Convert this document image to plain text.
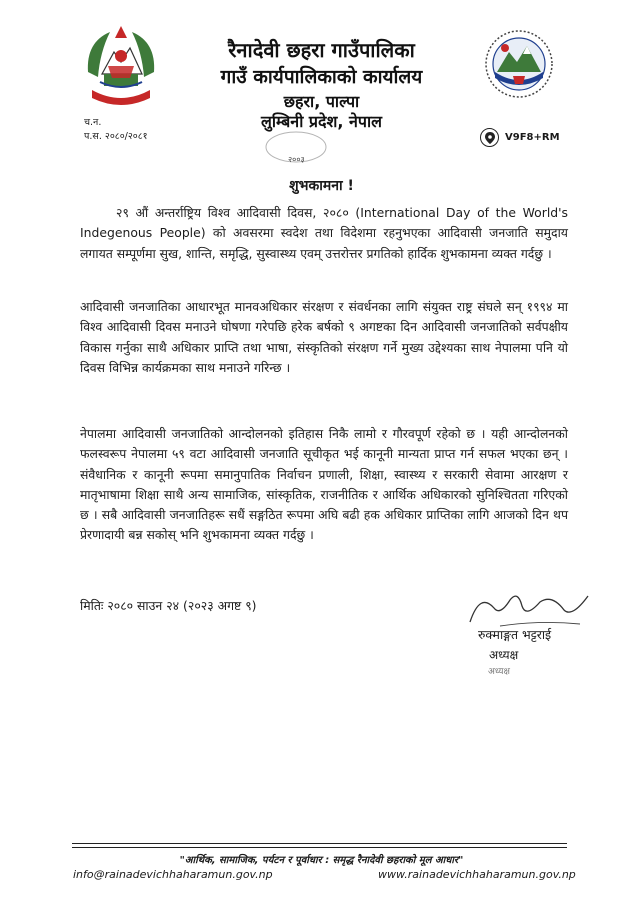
रैनादेवी छहरा गाउँपालिका
गाउँ कार्यपालिकाको कार्यालय
छहरा, पाल्पा
लुम्बिनी प्रदेश, नेपाल
च.न.
प.स. २०८०/२०८१
२००३
V9F8+RM
शुभकामना !

२९ औं अन्तर्राष्ट्रिय विश्व आदिवासी दिवस, २०८० (International Day of the World's Indegenous People) को अवसरमा स्वदेश तथा विदेशमा रहनुभएका आदिवासी जनजाति समुदाय लगायत सम्पूर्णमा सुख, शान्ति, समृद्धि, सुस्वास्थ्य एवम् उत्तरोत्तर प्रगतिको हार्दिक शुभकामना व्यक्त गर्दछु ।

आदिवासी जनजातिका आधारभूत मानवअधिकार संरक्षण र संवर्धनका लागि संयुक्त राष्ट्र संघले सन् १९९४ मा विश्व आदिवासी दिवस मनाउने घोषणा गरेपछि हरेक बर्षको ९ अगष्टका दिन आदिवासी जनजातिको सर्वपक्षीय विकास गर्नुका साथै अधिकार प्राप्ति तथा भाषा, संस्कृतिको संरक्षण गर्ने मुख्य उद्देश्यका साथ नेपालमा पनि यो दिवस विभिन्न कार्यक्रमका साथ मनाउने गरिन्छ ।

नेपालमा आदिवासी जनजातिको आन्दोलनको इतिहास निकै लामो र गौरवपूर्ण रहेको छ । यही आन्दोलनको फलस्वरूप नेपालमा ५९ वटा आदिवासी जनजाति सूचीकृत भई कानूनी मान्यता प्राप्त गर्न सफल भएका छन् । संवैधानिक र कानूनी रूपमा समानुपातिक निर्वाचन प्रणाली, शिक्षा, स्वास्थ्य र सरकारी सेवामा आरक्षण र मातृभाषामा शिक्षा साथै अन्य सामाजिक, सांस्कृतिक, राजनीतिक र आर्थिक अधिकारको सुनिश्चितता गरिएको छ । सबै आदिवासी जनजातिहरू सधैं सङ्गठित रूपमा अघि बढी हक अधिकार प्राप्तिका लागि आजको दिन थप प्रेरणादायी बन्न सकोस् भनि शुभकामना व्यक्त गर्दछु ।

मितिः २०८० साउन २४ (२०२३ अगष्ट ९)
रुक्माङ्गत भट्टराई
अध्यक्ष
अध्यक्ष
"आर्थिक, सामाजिक, पर्यटन र पूर्वाधार : समृद्ध रैनादेवी छहराको मूल आधार"
info@rainadevichhaharamun.gov.np	www.rainadevichhaharamun.gov.np
